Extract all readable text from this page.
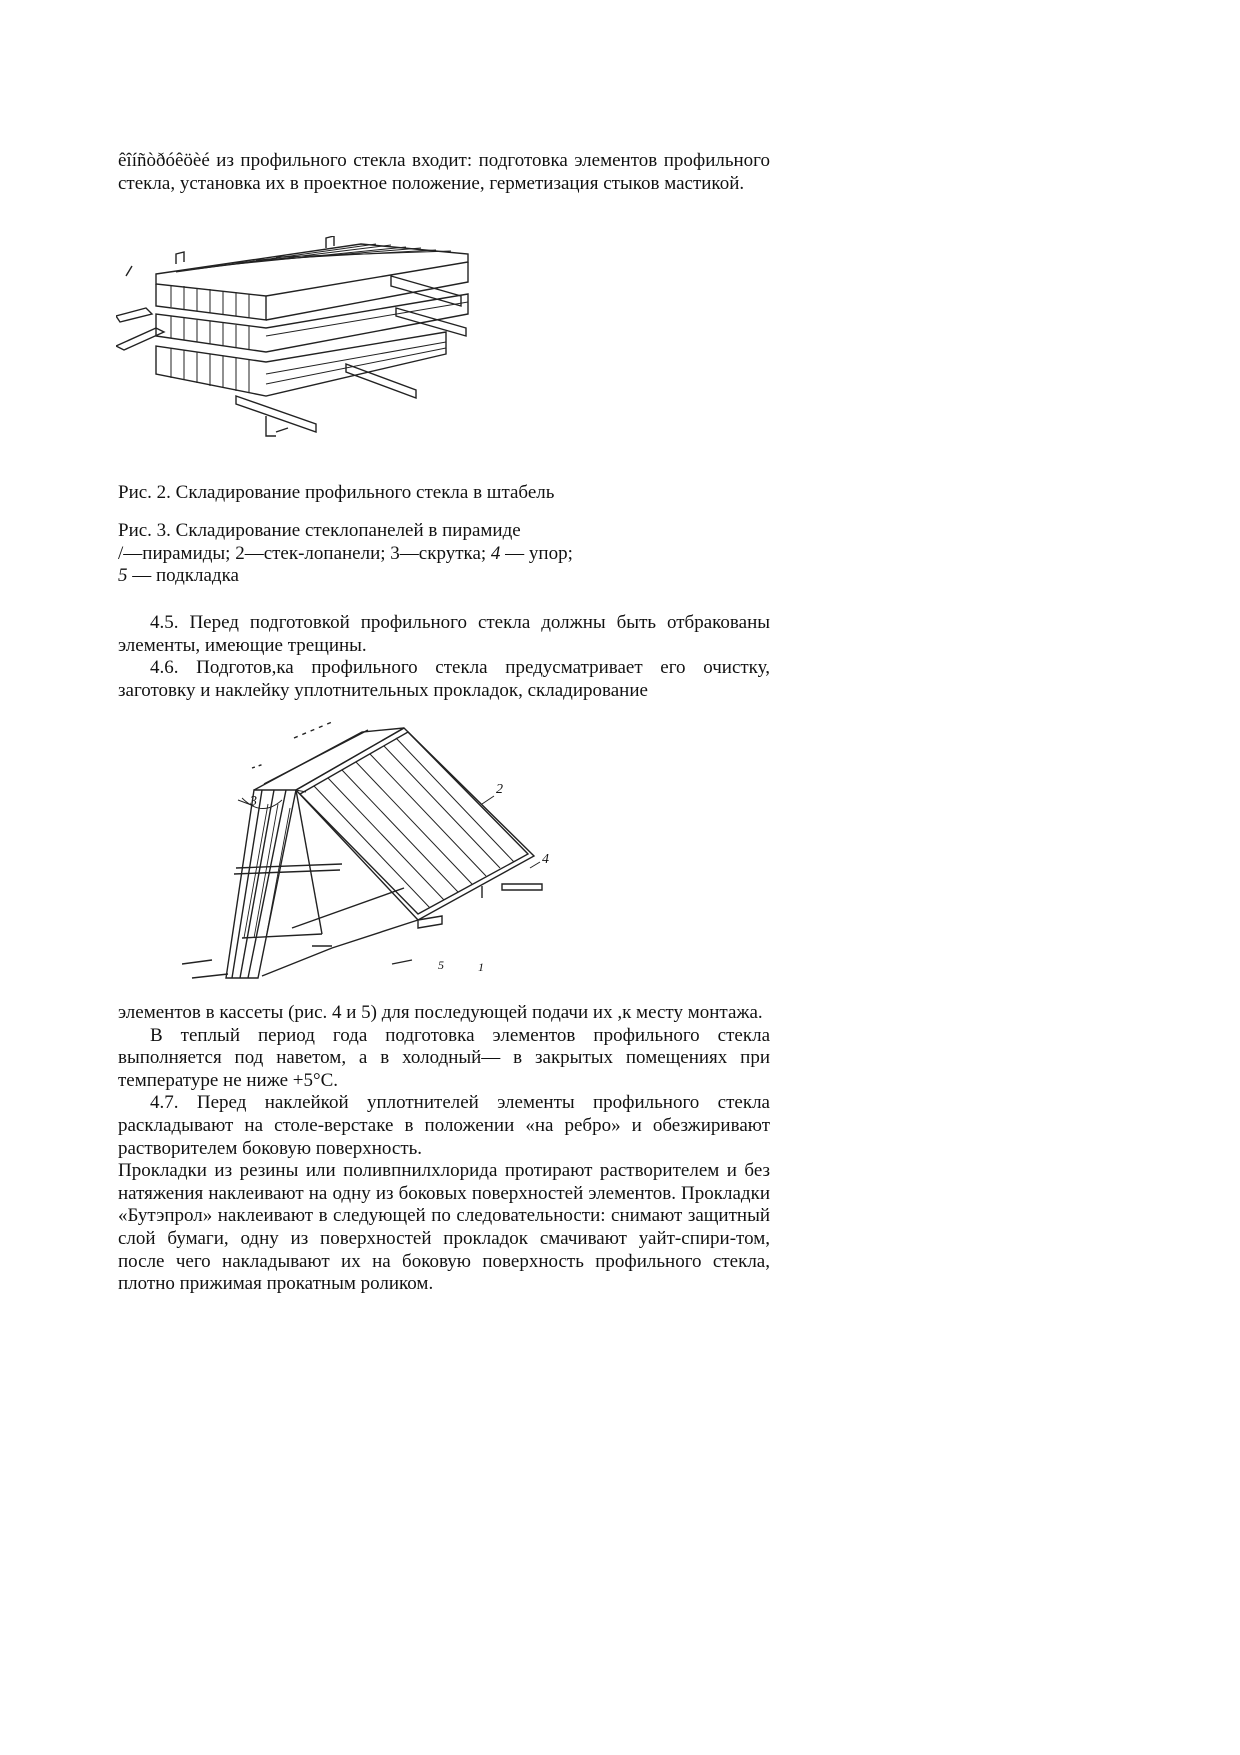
êîíñòðóêöèé из профильного стекла входит: подготовка элементов профильного стекла, установка их в проектное положение, герметизация стыков мастикой.

Рис. 2. Складирование профильного стекла в штабель

Рис. 3. Складирование стеклопанелей в пирамиде

/—пирамиды; 2—стек-лопанели; 3—скрутка; 4 — упор;

5 — подкладка

4.5. Перед подготовкой профильного стекла должны быть отбракованы элементы, имеющие трещины.

4.6. Подготов,ка профильного стекла предусматривает его очистку, заготовку и наклейку уплотнительных прокладок, складирование

3
2
4
5	1

элементов в кассеты (рис. 4 и 5) для последующей подачи их ,к месту монтажа.

В теплый период года подготовка элементов профильного стекла выполняется под наветом, а в холодный— в закрытых помещениях при температуре не ниже +5°С.

4.7. Перед наклейкой уплотнителей элементы профильного стекла раскладывают на столе-верстаке в положении «на ребро» и обезжиривают растворителем боковую поверхность.

Прокладки из резины или поливпнилхлорида протирают растворителем и без натяжения наклеивают на одну из боковых поверхностей элементов. Прокладки «Бутэпрол» наклеивают в следующей по следовательности: снимают защитный слой бумаги, одну из поверхностей прокладок смачивают уайт-спири-том, после чего накладывают их на боковую поверхность профильного стекла, плотно прижимая прокатным роликом.
